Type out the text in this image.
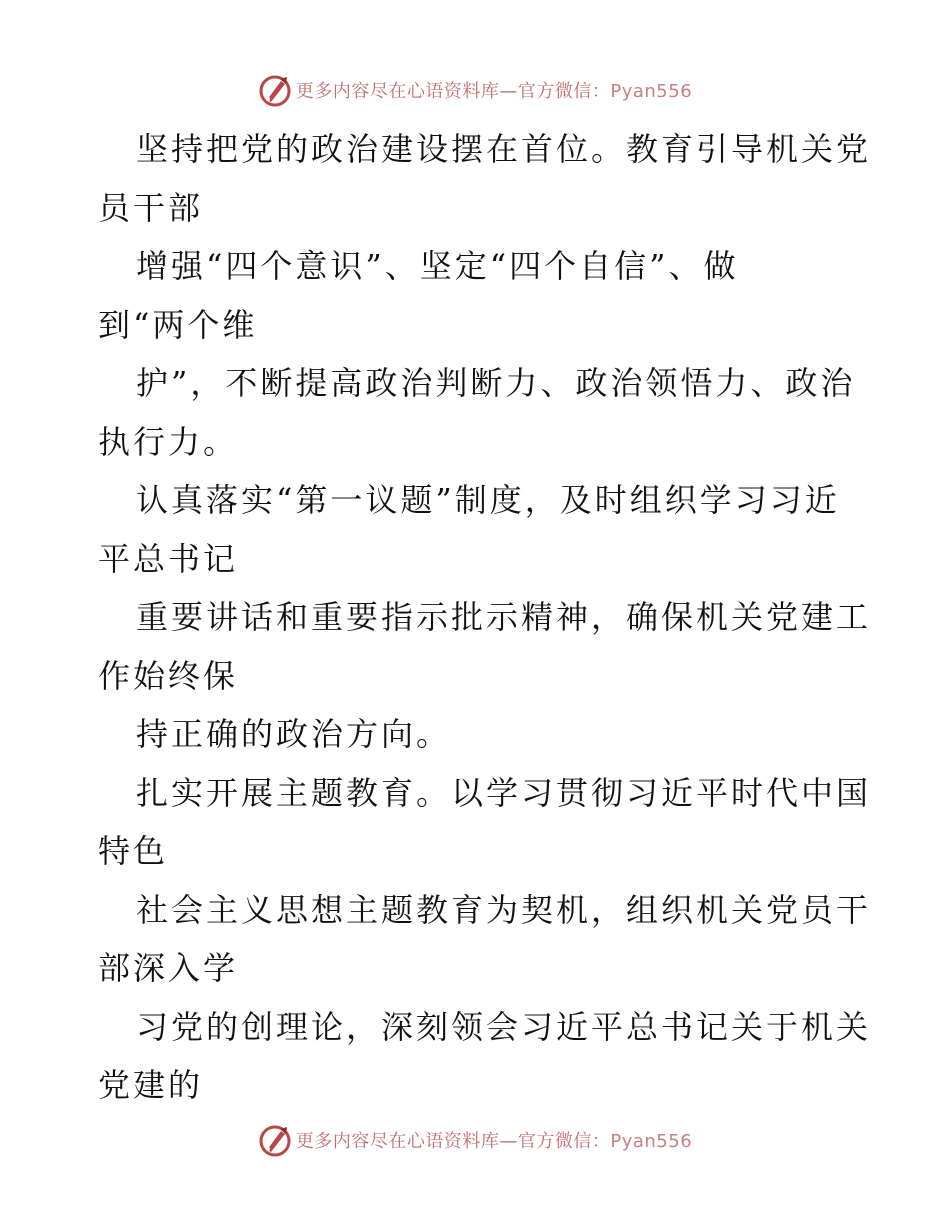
更多内容尽在心语资料库—官方微信：Pyan556
坚持把党的政治建设摆在首位。教育引导机关党
员干部
增强“四个意识”、坚定“四个自信”、做
到“两个维
护”，不断提高政治判断力、政治领悟力、政治
执行力。
认真落实“第一议题”制度，及时组织学习习近
平总书记
重要讲话和重要指示批示精神，确保机关党建工
作始终保
持正确的政治方向。
扎实开展主题教育。以学习贯彻习近平时代中国
特色
社会主义思想主题教育为契机，组织机关党员干
部深入学
习党的创理论，深刻领会习近平总书记关于机关
党建的
更多内容尽在心语资料库—官方微信：Pyan556
